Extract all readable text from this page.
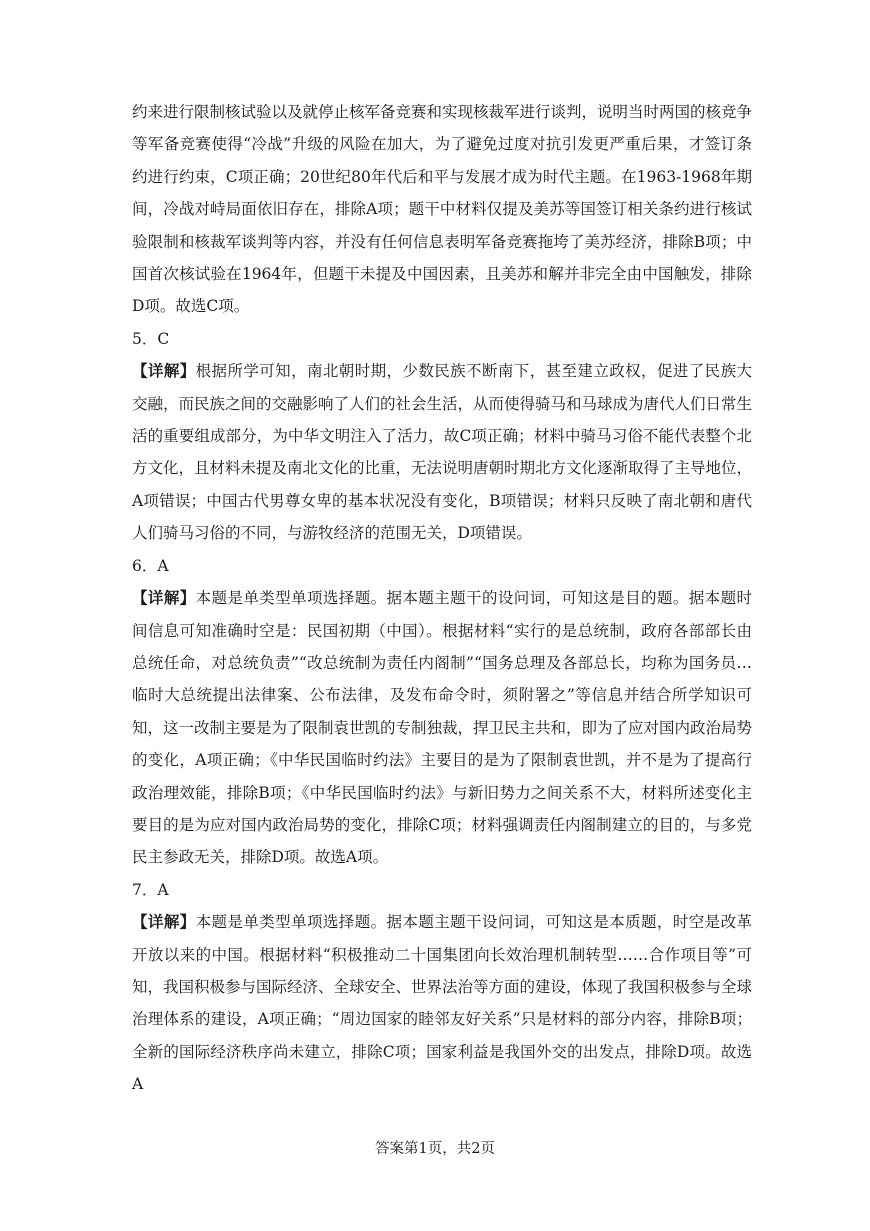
约来进行限制核试验以及就停止核军备竞赛和实现核裁军进行谈判，说明当时两国的核竞争等军备竞赛使得“冷战”升级的风险在加大，为了避免过度对抗引发更严重后果，才签订条约进行约束，C项正确；20世纪80年代后和平与发展才成为时代主题。在1963-1968年期间，冷战对峙局面依旧存在，排除A项；题干中材料仅提及美苏等国签订相关条约进行核试验限制和核裁军谈判等内容，并没有任何信息表明军备竞赛拖垮了美苏经济，排除B项；中国首次核试验在1964年，但题干未提及中国因素，且美苏和解并非完全由中国触发，排除D项。故选C项。

5．C

【详解】根据所学可知，南北朝时期，少数民族不断南下，甚至建立政权，促进了民族大交融，而民族之间的交融影响了人们的社会生活，从而使得骑马和马球成为唐代人们日常生活的重要组成部分，为中华文明注入了活力，故C项正确；材料中骑马习俗不能代表整个北方文化，且材料未提及南北文化的比重，无法说明唐朝时期北方文化逐渐取得了主导地位，A项错误；中国古代男尊女卑的基本状况没有变化，B项错误；材料只反映了南北朝和唐代人们骑马习俗的不同，与游牧经济的范围无关，D项错误。

6．A

【详解】本题是单类型单项选择题。据本题主题干的设问词，可知这是目的题。据本题时间信息可知准确时空是：民国初期（中国）。根据材料“实行的是总统制，政府各部部长由总统任命，对总统负责”“改总统制为责任内阁制”“国务总理及各部总长，均称为国务员…临时大总统提出法律案、公布法律，及发布命令时，须附署之”等信息并结合所学知识可知，这一改制主要是为了限制袁世凯的专制独裁，捍卫民主共和，即为了应对国内政治局势的变化，A项正确；《中华民国临时约法》主要目的是为了限制袁世凯，并不是为了提高行政治理效能，排除B项；《中华民国临时约法》与新旧势力之间关系不大，材料所述变化主要目的是为应对国内政治局势的变化，排除C项；材料强调责任内阁制建立的目的，与多党民主参政无关，排除D项。故选A项。

7．A

【详解】本题是单类型单项选择题。据本题主题干设问词，可知这是本质题，时空是改革开放以来的中国。根据材料“积极推动二十国集团向长效治理机制转型……合作项目等”可知，我国积极参与国际经济、全球安全、世界法治等方面的建设，体现了我国积极参与全球治理体系的建设，A项正确；“周边国家的睦邻友好关系”只是材料的部分内容，排除B项；全新的国际经济秩序尚未建立，排除C项；国家利益是我国外交的出发点，排除D项。故选A

答案第1页，共2页
